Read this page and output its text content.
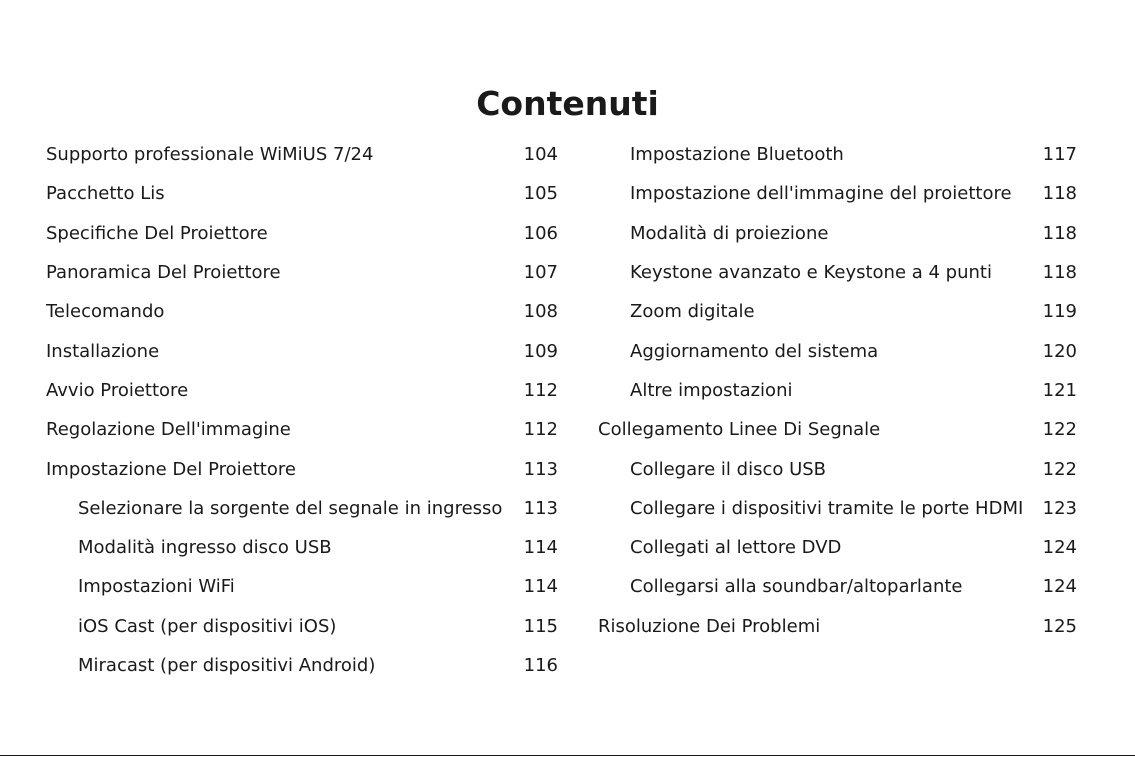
Contenuti
Supporto professionale WiMiUS 7/24	104
Pacchetto Lis	105
Specifiche Del Proiettore	106
Panoramica Del Proiettore	107
Telecomando	108
Installazione	109
Avvio Proiettore	112
Regolazione Dell'immagine	112
Impostazione Del Proiettore	113
Selezionare la sorgente del segnale in ingresso 113
Modalità ingresso disco USB	114
Impostazioni WiFi	114
iOS Cast (per dispositivi iOS)	115
Miracast (per dispositivi Android)	116
Impostazione Bluetooth	117
Impostazione dell'immagine del proiettore 118
Modalità di proiezione	118
Keystone avanzato e Keystone a 4 punti	118
Zoom digitale	119
Aggiornamento del sistema	120
Altre impostazioni	121
Collegamento Linee Di Segnale	122
Collegare il disco USB	122
Collegare i dispositivi tramite le porte HDMI 123
Collegati al lettore DVD	124
Collegarsi alla soundbar/altoparlante	124
Risoluzione Dei Problemi	125
